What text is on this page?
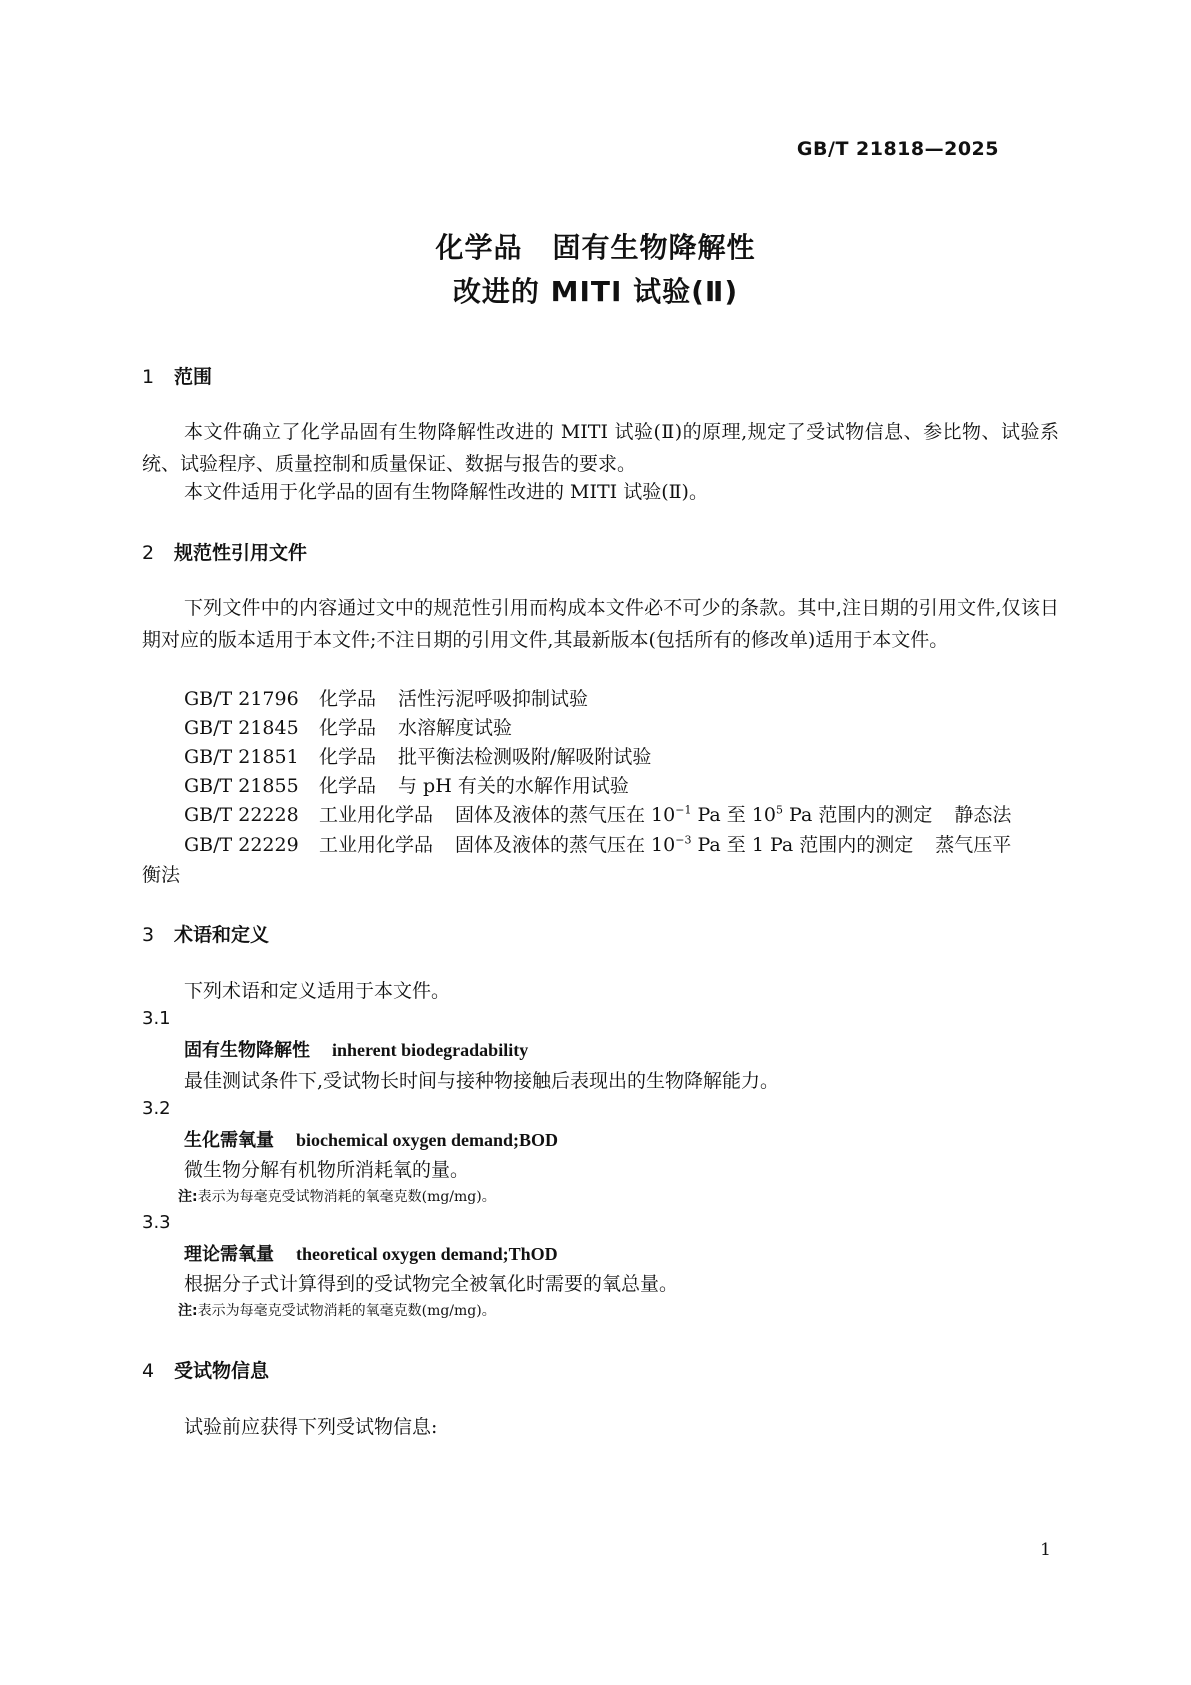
GB/T 21818—2025
化学品 固有生物降解性
改进的 MITI 试验(Ⅱ)
1 范围
本文件确立了化学品固有生物降解性改进的 MITI 试验(Ⅱ)的原理,规定了受试物信息、参比物、试验系统、试验程序、质量控制和质量保证、数据与报告的要求。
本文件适用于化学品的固有生物降解性改进的 MITI 试验(Ⅱ)。
2 规范性引用文件
下列文件中的内容通过文中的规范性引用而构成本文件必不可少的条款。其中,注日期的引用文件,仅该日期对应的版本适用于本文件;不注日期的引用文件,其最新版本(包括所有的修改单)适用于本文件。
GB/T 21796 化学品 活性污泥呼吸抑制试验
GB/T 21845 化学品 水溶解度试验
GB/T 21851 化学品 批平衡法检测吸附/解吸附试验
GB/T 21855 化学品 与 pH 有关的水解作用试验
GB/T 22228 工业用化学品 固体及液体的蒸气压在 $10^{-1}$ Pa 至 $10^5$ Pa 范围内的测定 静态法
GB/T 22229 工业用化学品 固体及液体的蒸气压在 $10^{-3}$ Pa 至 1 Pa 范围内的测定 蒸气压平
衡法
3 术语和定义
下列术语和定义适用于本文件。
3.1
固有生物降解性 inherent biodegradability
最佳测试条件下,受试物长时间与接种物接触后表现出的生物降解能力。
3.2
生化需氧量 biochemical oxygen demand;BOD
微生物分解有机物所消耗氧的量。
注:表示为每毫克受试物消耗的氧毫克数(mg/mg)。
3.3
理论需氧量 theoretical oxygen demand;ThOD
根据分子式计算得到的受试物完全被氧化时需要的氧总量。
注:表示为每毫克受试物消耗的氧毫克数(mg/mg)。
4 受试物信息
试验前应获得下列受试物信息:
1
